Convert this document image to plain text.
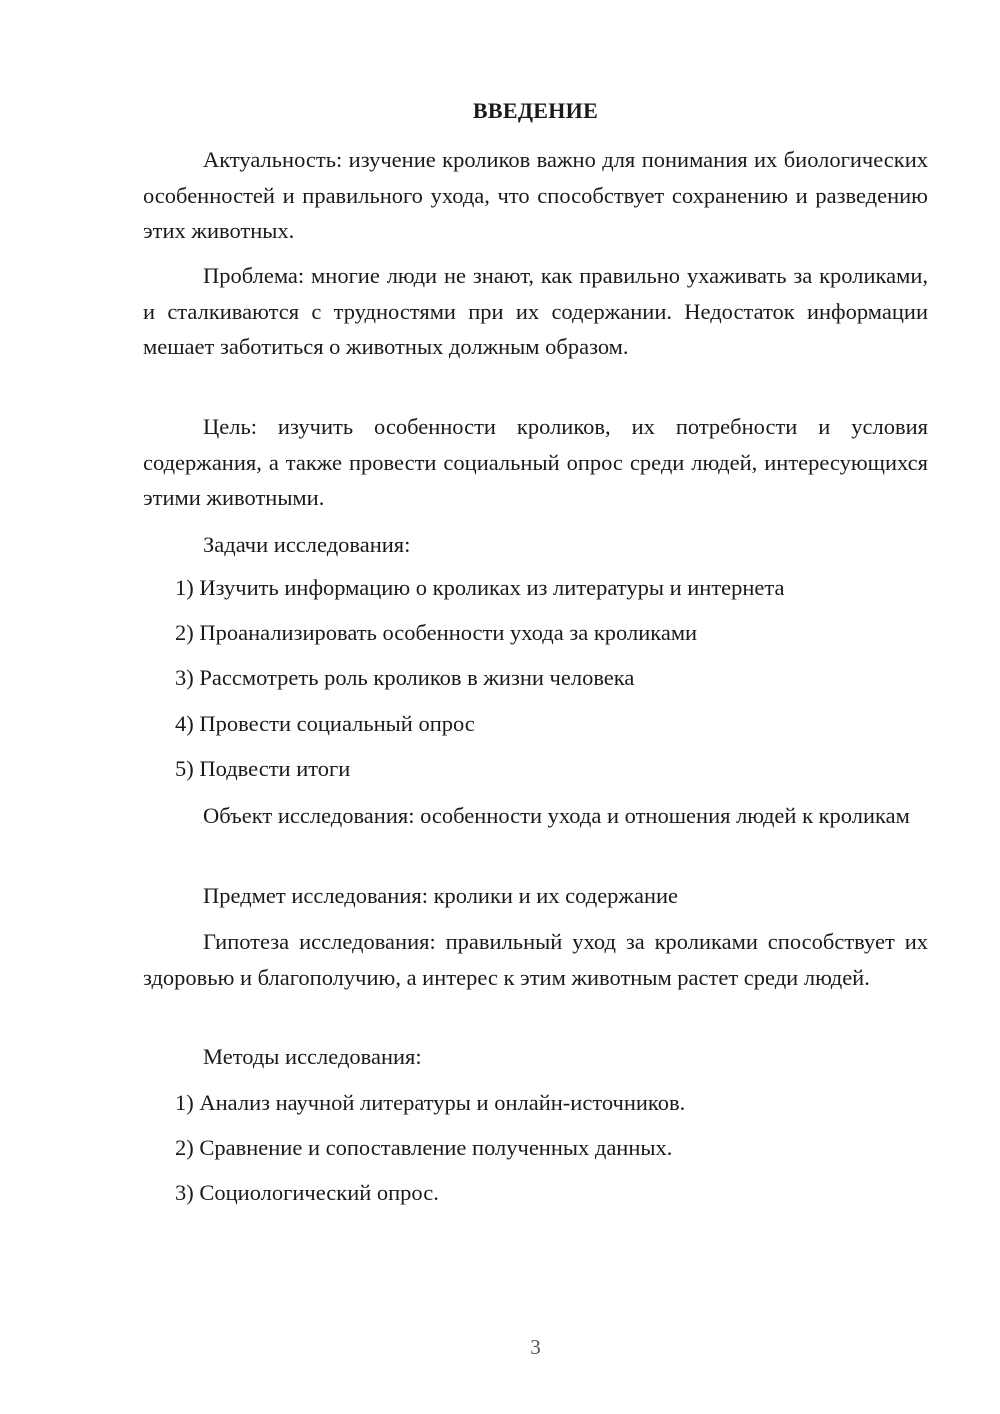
ВВЕДЕНИЕ

Актуальность: изучение кроликов важно для понимания их биологических особенностей и правильного ухода, что способствует сохранению и разведению этих животных.

Проблема: многие люди не знают, как правильно ухаживать за кроликами, и сталкиваются с трудностями при их содержании. Недостаток информации мешает заботиться о животных должным образом.

Цель: изучить особенности кроликов, их потребности и условия содержания, а также провести социальный опрос среди людей, интересующихся этими животными.

Задачи исследования:

1) Изучить информацию о кроликах из литературы и интернета

2) Проанализировать особенности ухода за кроликами

3) Рассмотреть роль кроликов в жизни человека

4) Провести социальный опрос

5) Подвести итоги

Объект исследования: особенности ухода и отношения людей к кроликам

Предмет исследования: кролики и их содержание

Гипотеза исследования: правильный уход за кроликами способствует их здоровью и благополучию, а интерес к этим животным растет среди людей.

Методы исследования:

1) Анализ научной литературы и онлайн-источников.

2) Сравнение и сопоставление полученных данных.

3) Социологический опрос.

3
